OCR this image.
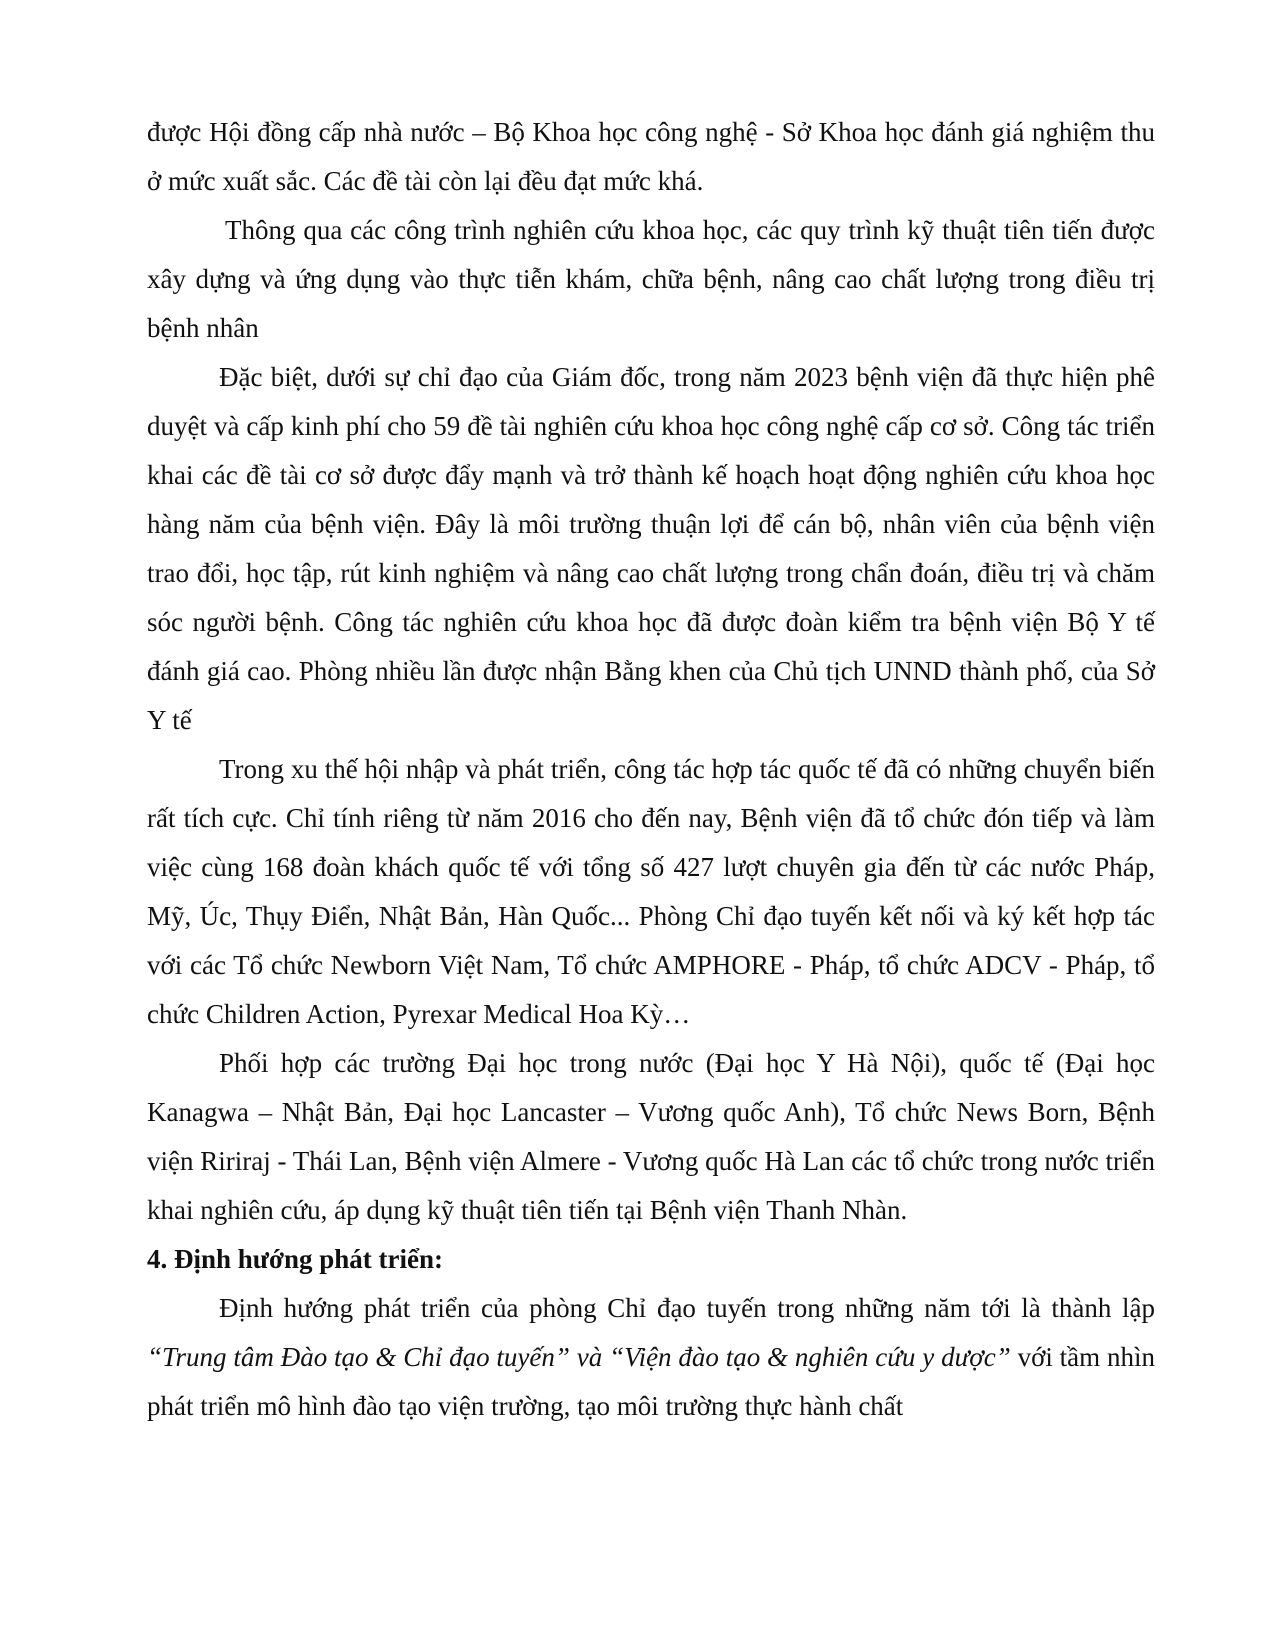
được Hội đồng cấp nhà nước – Bộ Khoa học công nghệ - Sở Khoa học đánh giá nghiệm thu ở mức xuất sắc. Các đề tài còn lại đều đạt mức khá.

Thông qua các công trình nghiên cứu khoa học, các quy trình kỹ thuật tiên tiến được xây dựng và ứng dụng vào thực tiễn khám, chữa bệnh, nâng cao chất lượng trong điều trị bệnh nhân

Đặc biệt, dưới sự chỉ đạo của Giám đốc, trong năm 2023 bệnh viện đã thực hiện phê duyệt và cấp kinh phí cho 59 đề tài nghiên cứu khoa học công nghệ cấp cơ sở. Công tác triển khai các đề tài cơ sở được đẩy mạnh và trở thành kế hoạch hoạt động nghiên cứu khoa học hàng năm của bệnh viện. Đây là môi trường thuận lợi để cán bộ, nhân viên của bệnh viện trao đổi, học tập, rút kinh nghiệm và nâng cao chất lượng trong chẩn đoán, điều trị và chăm sóc người bệnh. Công tác nghiên cứu khoa học đã được đoàn kiểm tra bệnh viện Bộ Y tế đánh giá cao. Phòng nhiều lần được nhận Bằng khen của Chủ tịch UNND thành phố, của Sở Y tế

Trong xu thế hội nhập và phát triển, công tác hợp tác quốc tế đã có những chuyển biến rất tích cực. Chỉ tính riêng từ năm 2016 cho đến nay, Bệnh viện đã tổ chức đón tiếp và làm việc cùng 168 đoàn khách quốc tế với tổng số 427 lượt chuyên gia đến từ các nước Pháp, Mỹ, Úc, Thụy Điển, Nhật Bản, Hàn Quốc... Phòng Chỉ đạo tuyến kết nối và ký kết hợp tác với các Tổ chức Newborn Việt Nam, Tổ chức AMPHORE - Pháp, tổ chức ADCV - Pháp, tổ chức Children Action, Pyrexar Medical Hoa Kỳ…

Phối hợp các trường Đại học trong nước (Đại học Y Hà Nội), quốc tế (Đại học Kanagwa – Nhật Bản, Đại học Lancaster – Vương quốc Anh), Tổ chức News Born, Bệnh viện Ririraj - Thái Lan, Bệnh viện Almere - Vương quốc Hà Lan các tổ chức trong nước triển khai nghiên cứu, áp dụng kỹ thuật tiên tiến tại Bệnh viện Thanh Nhàn.

4. Định hướng phát triển:

Định hướng phát triển của phòng Chỉ đạo tuyến trong những năm tới là thành lập “Trung tâm Đào tạo & Chỉ đạo tuyến” và “Viện đào tạo & nghiên cứu y dược” với tầm nhìn phát triển mô hình đào tạo viện trường, tạo môi trường thực hành chất
